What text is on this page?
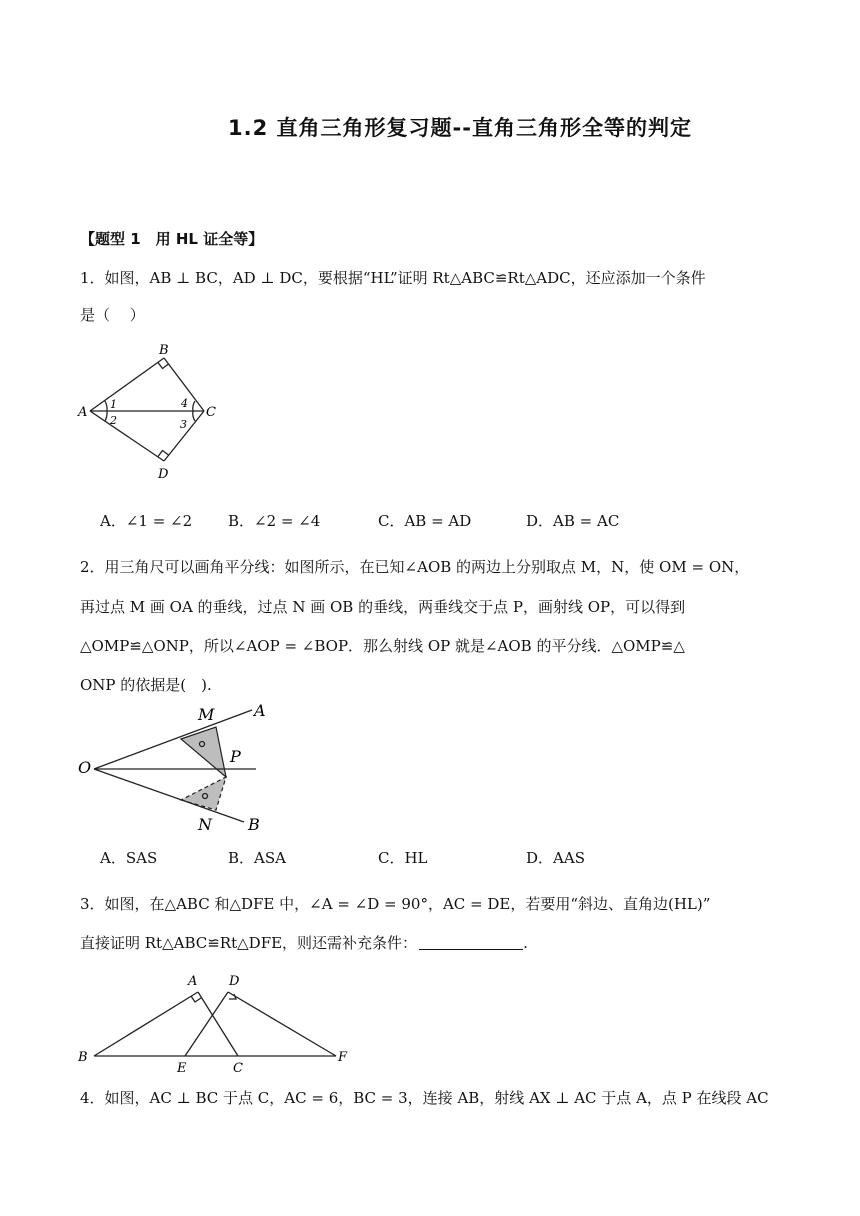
1.2 直角三角形复习题--直角三角形全等的判定
【题型 1　用 HL 证全等】
1．如图，AB ⊥ BC，AD ⊥ DC，要根据“HL”证明 Rt△ABC≌Rt△ADC，还应添加一个条件
是（　 ）
A
B
C
D
1
2	3
4
A．∠1 = ∠2 B．∠2 = ∠4	C．AB = AD	D．AB = AC
2．用三角尺可以画角平分线：如图所示，在已知∠AOB 的两边上分别取点 M，N，使 OM = ON，
再过点 M 画 OA 的垂线，过点 N 画 OB 的垂线，两垂线交于点 P，画射线 OP，可以得到
△OMP≌△ONP，所以∠AOP = ∠BOP．那么射线 OP 就是∠AOB 的平分线．△OMP≌△
ONP 的依据是(　).
O
M A
P
N B
A．SAS	B．ASA	C．HL	D．AAS
3．如图，在△ABC 和△DFE 中，∠A = ∠D = 90°，AC = DE，若要用“斜边、直角边(HL)”
直接证明 Rt△ABC≌Rt△DFE，则还需补充条件：	.
A D
B
E	C
F
4．如图，AC ⊥ BC 于点 C，AC = 6，BC = 3，连接 AB，射线 AX ⊥ AC 于点 A，点 P 在线段 AC
